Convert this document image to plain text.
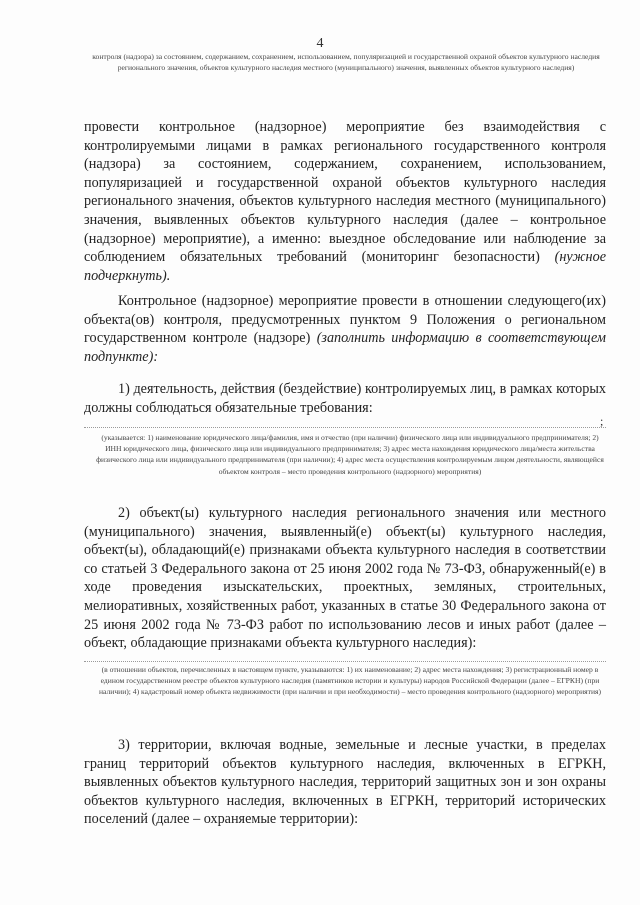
4
контроля (надзора) за состоянием, содержанием, сохранением, использованием, популяризацией и государственной охраной объектов культурного наследия регионального значения, объектов культурного наследия местного (муниципального) значения, выявленных объектов культурного наследия)
провести контрольное (надзорное) мероприятие без взаимодействия с контролируемыми лицами в рамках регионального государственного контроля (надзора) за состоянием, содержанием, сохранением, использованием, популяризацией и государственной охраной объектов культурного наследия регионального значения, объектов культурного наследия местного (муниципального) значения, выявленных объектов культурного наследия (далее – контрольное (надзорное) мероприятие), а именно: выездное обследование или наблюдение за соблюдением обязательных требований (мониторинг безопасности) (нужное подчеркнуть).
Контрольное (надзорное) мероприятие провести в отношении следующего(их) объекта(ов) контроля, предусмотренных пунктом 9 Положения о региональном государственном контроле (надзоре) (заполнить информацию в соответствующем подпункте):
1) деятельность, действия (бездействие) контролируемых лиц, в рамках которых должны соблюдаться обязательные требования:
;
(указывается: 1) наименование юридического лица/фамилия, имя и отчество (при наличии) физического лица или индивидуального предпринимателя; 2) ИНН юридического лица, физического лица или индивидуального предпринимателя; 3) адрес места нахождения юридического лица/места жительства физического лица или индивидуального предпринимателя (при наличии); 4) адрес места осуществления контролируемым лицом деятельности, являющейся объектом контроля – место проведения контрольного (надзорного) мероприятия)
2) объект(ы) культурного наследия регионального значения или местного (муниципального) значения, выявленный(е) объект(ы) культурного наследия, объект(ы), обладающий(е) признаками объекта культурного наследия в соответствии со статьей 3 Федерального закона от 25 июня 2002 года № 73-ФЗ, обнаруженный(е) в ходе проведения изыскательских, проектных, земляных, строительных, мелиоративных, хозяйственных работ, указанных в статье 30 Федерального закона от 25 июня 2002 года № 73-ФЗ работ по использованию лесов и иных работ (далее – объект, обладающие признаками объекта культурного наследия):
(в отношении объектов, перечисленных в настоящем пункте, указываются: 1) их наименование; 2) адрес места нахождения; 3) регистрационный номер в едином государственном реестре объектов культурного наследия (памятников истории и культуры) народов Российской Федерации (далее – ЕГРКН) (при наличии); 4) кадастровый номер объекта недвижимости (при наличии и при необходимости) – место проведения контрольного (надзорного) мероприятия)
3) территории, включая водные, земельные и лесные участки, в пределах границ территорий объектов культурного наследия, включенных в ЕГРКН, выявленных объектов культурного наследия, территорий защитных зон и зон охраны объектов культурного наследия, включенных в ЕГРКН, территорий исторических поселений (далее – охраняемые территории):
